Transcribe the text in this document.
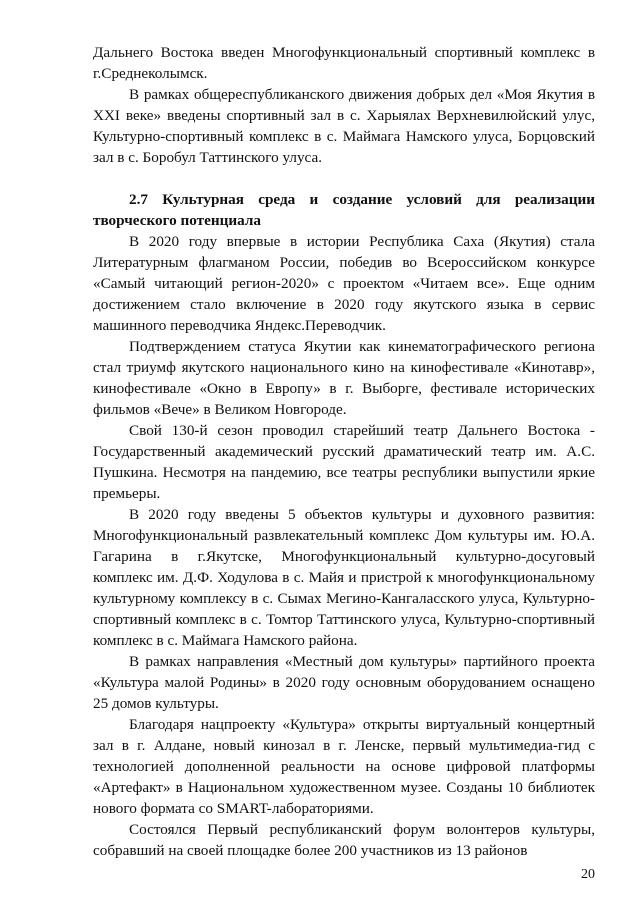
Дальнего Востока введен Многофункциональный спортивный комплекс в г.Среднеколымск.

В рамках общереспубликанского движения добрых дел «Моя Якутия в XXI веке» введены спортивный зал в с. Харыялах Верхневилюйский улус, Культурно-спортивный комплекс в с. Маймага Намского улуса, Борцовский зал в с. Боробул Таттинского улуса.

2.7 Культурная среда и создание условий для реализации творческого потенциала

В 2020 году впервые в истории Республика Саха (Якутия) стала Литературным флагманом России, победив во Всероссийском конкурсе «Самый читающий регион-2020» с проектом «Читаем все». Еще одним достижением стало включение в 2020 году якутского языка в сервис машинного переводчика Яндекс.Переводчик.

Подтверждением статуса Якутии как кинематографического региона стал триумф якутского национального кино на кинофестивале «Кинотавр», кинофестивале «Окно в Европу» в г. Выборге, фестивале исторических фильмов «Вече» в Великом Новгороде.

Свой 130-й сезон проводил старейший театр Дальнего Востока - Государственный академический русский драматический театр им. А.С. Пушкина. Несмотря на пандемию, все театры республики выпустили яркие премьеры.

В 2020 году введены 5 объектов культуры и духовного развития: Многофункциональный развлекательный комплекс Дом культуры им. Ю.А. Гагарина в г.Якутске, Многофункциональный культурно-досуговый комплекс им. Д.Ф. Ходулова в с. Майя и пристрой к многофункциональному культурному комплексу в с. Сымах Мегино-Кангаласского улуса, Культурно-спортивный комплекс в с. Томтор Таттинского улуса, Культурно-спортивный комплекс в с. Маймага Намского района.

В рамках направления «Местный дом культуры» партийного проекта «Культура малой Родины» в 2020 году основным оборудованием оснащено 25 домов культуры.

Благодаря нацпроекту «Культура» открыты виртуальный концертный зал в г. Алдане, новый кинозал в г. Ленске, первый мультимедиа-гид с технологией дополненной реальности на основе цифровой платформы «Артефакт» в Национальном художественном музее. Созданы 10 библиотек нового формата со SMART-лабораториями.

Состоялся Первый республиканский форум волонтеров культуры, собравший на своей площадке более 200 участников из 13 районов

20
